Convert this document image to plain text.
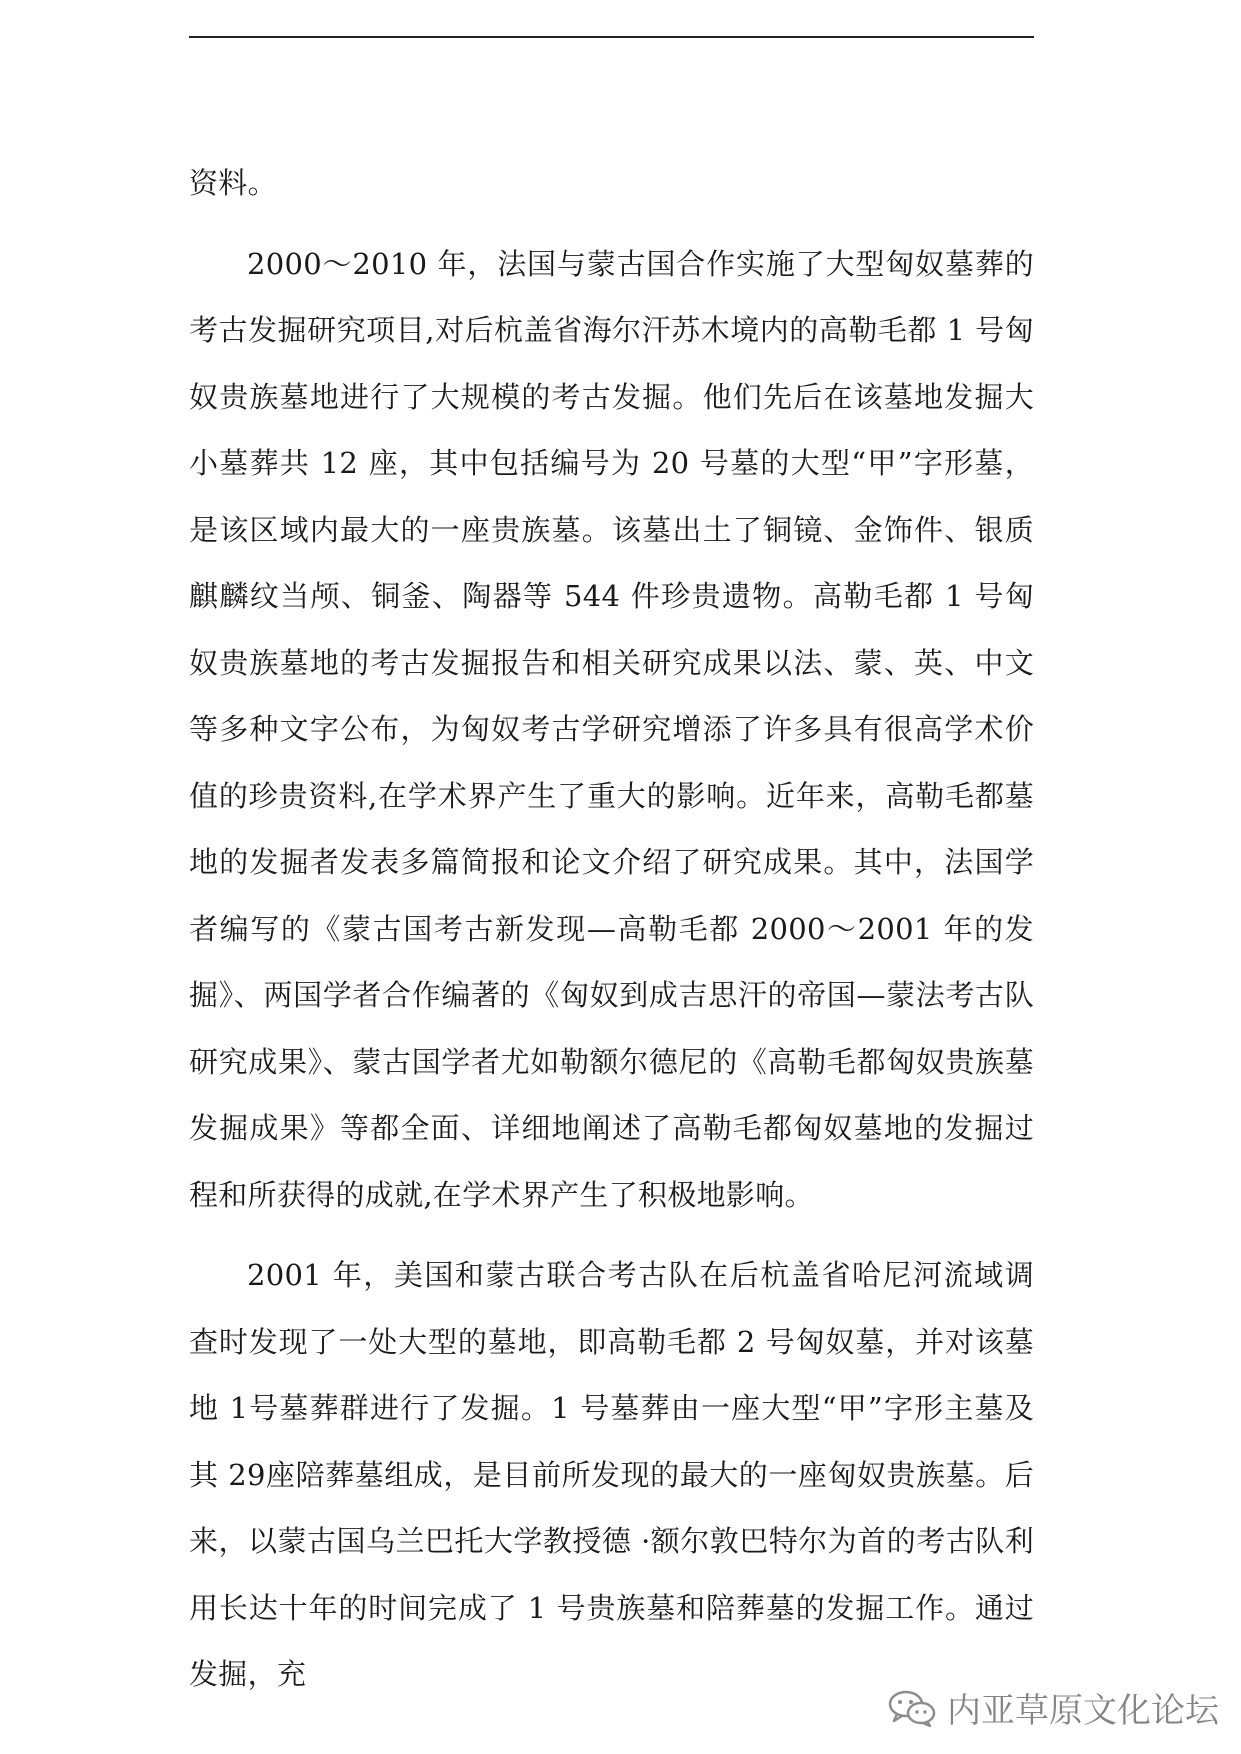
资料。

2000～2010 年，法国与蒙古国合作实施了大型匈奴墓葬的考古发掘研究项目,对后杭盖省海尔汗苏木境内的高勒毛都 1 号匈奴贵族墓地进行了大规模的考古发掘。他们先后在该墓地发掘大小墓葬共 12 座，其中包括编号为 20 号墓的大型“甲”字形墓，是该区域内最大的一座贵族墓。该墓出土了铜镜、金饰件、银质麒麟纹当颅、铜釜、陶器等 544 件珍贵遗物。高勒毛都 1 号匈奴贵族墓地的考古发掘报告和相关研究成果以法、蒙、英、中文等多种文字公布，为匈奴考古学研究增添了许多具有很高学术价值的珍贵资料,在学术界产生了重大的影响。近年来，高勒毛都墓地的发掘者发表多篇简报和论文介绍了研究成果。其中，法国学者编写的《蒙古国考古新发现—高勒毛都 2000～2001 年的发掘》、两国学者合作编著的《匈奴到成吉思汗的帝国—蒙法考古队研究成果》、蒙古国学者尤如勒额尔德尼的《高勒毛都匈奴贵族墓发掘成果》等都全面、详细地阐述了高勒毛都匈奴墓地的发掘过程和所获得的成就,在学术界产生了积极地影响。

2001 年，美国和蒙古联合考古队在后杭盖省哈尼河流域调查时发现了一处大型的墓地，即高勒毛都 2 号匈奴墓，并对该墓地 1号墓葬群进行了发掘。1 号墓葬由一座大型“甲”字形主墓及其 29座陪葬墓组成，是目前所发现的最大的一座匈奴贵族墓。后来，以蒙古国乌兰巴托大学教授德 ·额尔敦巴特尔为首的考古队利用长达十年的时间完成了 1 号贵族墓和陪葬墓的发掘工作。通过发掘，充

内亚草原文化论坛
